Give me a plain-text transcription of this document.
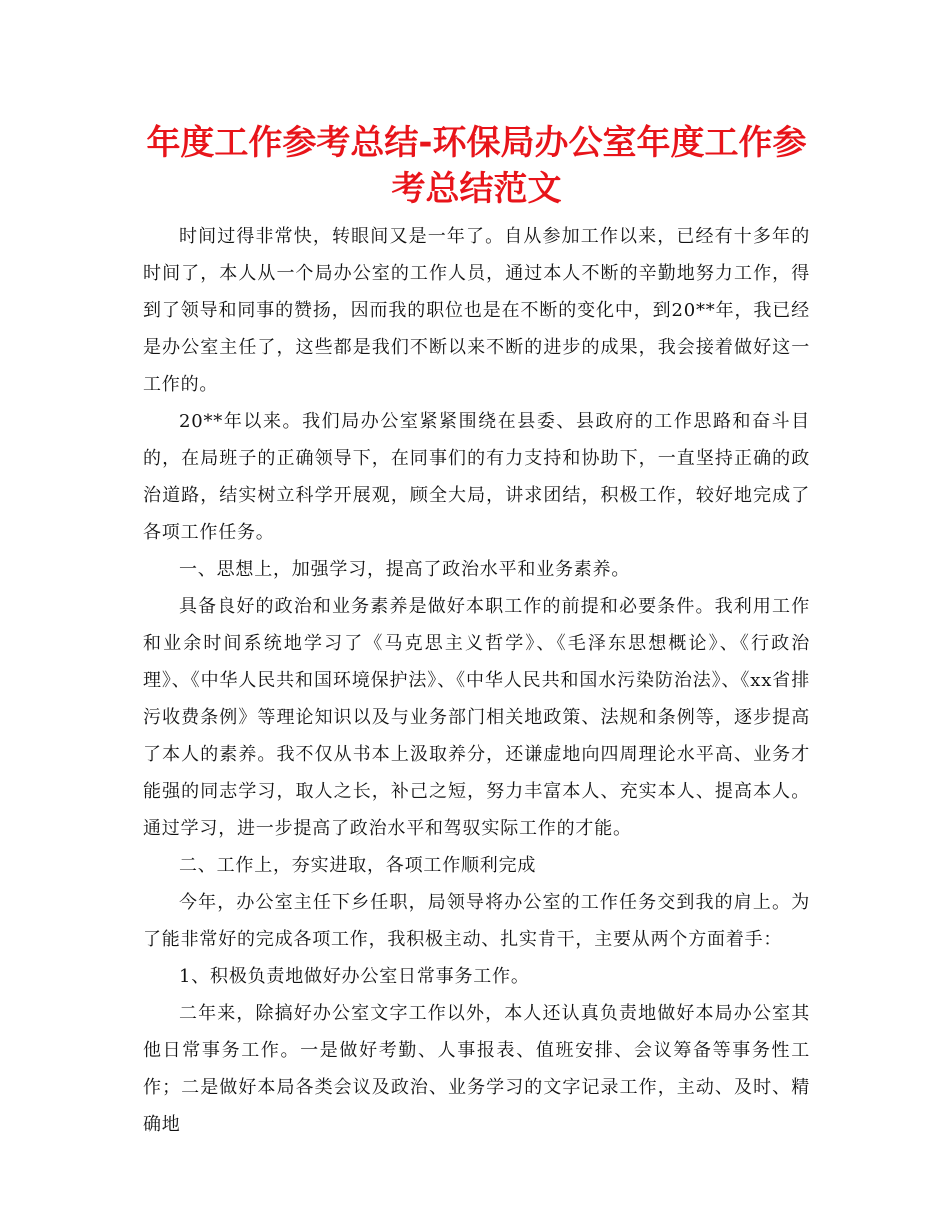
年度工作参考总结-环保局办公室年度工作参考总结范文

时间过得非常快，转眼间又是一年了。自从参加工作以来，已经有十多年的时间了，本人从一个局办公室的工作人员，通过本人不断的辛勤地努力工作，得到了领导和同事的赞扬，因而我的职位也是在不断的变化中，到20**年，我已经是办公室主任了，这些都是我们不断以来不断的进步的成果，我会接着做好这一工作的。

20**年以来。我们局办公室紧紧围绕在县委、县政府的工作思路和奋斗目的，在局班子的正确领导下，在同事们的有力支持和协助下，一直坚持正确的政治道路，结实树立科学开展观，顾全大局，讲求团结，积极工作，较好地完成了各项工作任务。

一、思想上，加强学习，提高了政治水平和业务素养。

具备良好的政治和业务素养是做好本职工作的前提和必要条件。我利用工作和业余时间系统地学习了《马克思主义哲学》、《毛泽东思想概论》、《行政治理》、《中华人民共和国环境保护法》、《中华人民共和国水污染防治法》、《xx省排污收费条例》等理论知识以及与业务部门相关地政策、法规和条例等，逐步提高了本人的素养。我不仅从书本上汲取养分，还谦虚地向四周理论水平高、业务才能强的同志学习，取人之长，补己之短，努力丰富本人、充实本人、提高本人。通过学习，进一步提高了政治水平和驾驭实际工作的才能。

二、工作上，夯实进取，各项工作顺利完成

今年，办公室主任下乡任职，局领导将办公室的工作任务交到我的肩上。为了能非常好的完成各项工作，我积极主动、扎实肯干，主要从两个方面着手：

1、积极负责地做好办公室日常事务工作。

二年来，除搞好办公室文字工作以外，本人还认真负责地做好本局办公室其他日常事务工作。一是做好考勤、人事报表、值班安排、会议筹备等事务性工作；二是做好本局各类会议及政治、业务学习的文字记录工作，主动、及时、精确地
